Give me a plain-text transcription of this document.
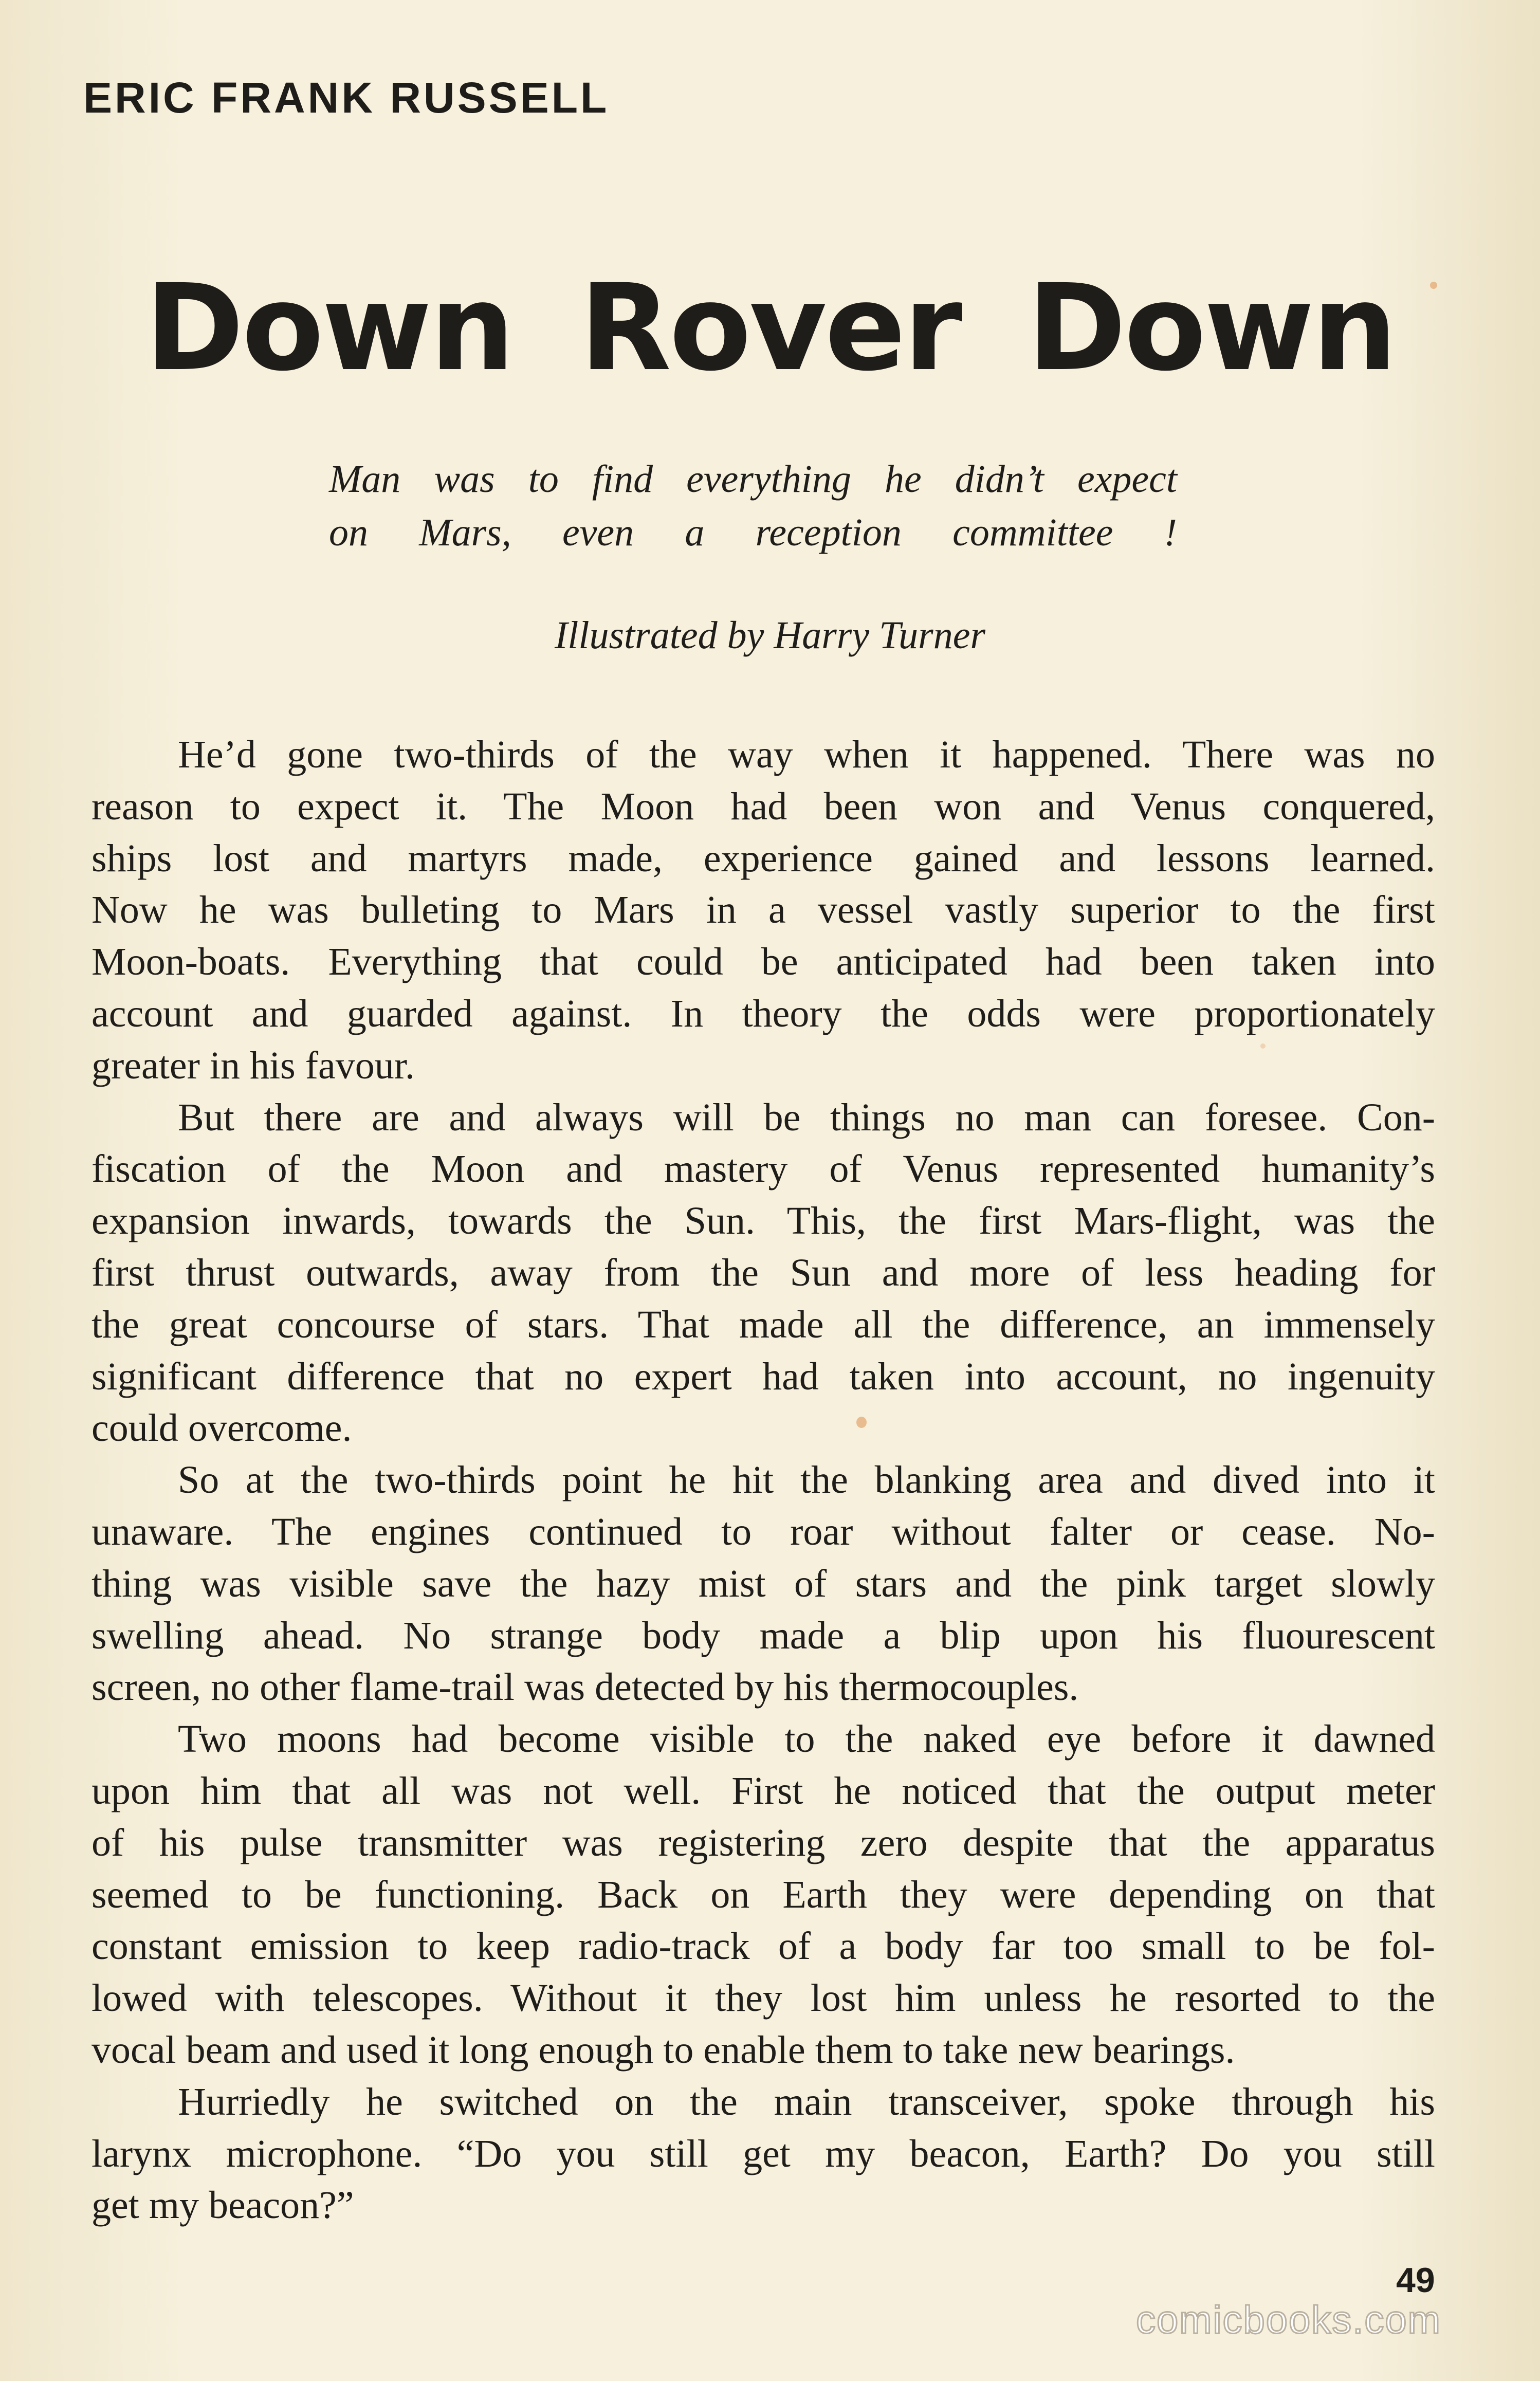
ERIC FRANK RUSSELL
Down Rover Down
Man was to find everything he didn’t expect
on Mars, even a reception committee !
Illustrated by Harry Turner
He’d gone two-thirds of the way when it happened. There was no
reason to expect it. The Moon had been won and Venus conquered,
ships lost and martyrs made, experience gained and lessons learned.
Now he was bulleting to Mars in a vessel vastly superior to the first
Moon-boats. Everything that could be anticipated had been taken into
account and guarded against. In theory the odds were proportionately
greater in his favour.
But there are and always will be things no man can foresee. Con-
fiscation of the Moon and mastery of Venus represented humanity’s
expansion inwards, towards the Sun. This, the first Mars-flight, was the
first thrust outwards, away from the Sun and more of less heading for
the great concourse of stars. That made all the difference, an immensely
significant difference that no expert had taken into account, no ingenuity
could overcome.
So at the two-thirds point he hit the blanking area and dived into it
unaware. The engines continued to roar without falter or cease. No-
thing was visible save the hazy mist of stars and the pink target slowly
swelling ahead. No strange body made a blip upon his fluourescent
screen, no other flame-trail was detected by his thermocouples.
Two moons had become visible to the naked eye before it dawned
upon him that all was not well. First he noticed that the output meter
of his pulse transmitter was registering zero despite that the apparatus
seemed to be functioning. Back on Earth they were depending on that
constant emission to keep radio-track of a body far too small to be fol-
lowed with telescopes. Without it they lost him unless he resorted to the
vocal beam and used it long enough to enable them to take new bearings.
Hurriedly he switched on the main transceiver, spoke through his
larynx microphone. “Do you still get my beacon, Earth? Do you still
get my beacon?”
49
comicbooks.com
